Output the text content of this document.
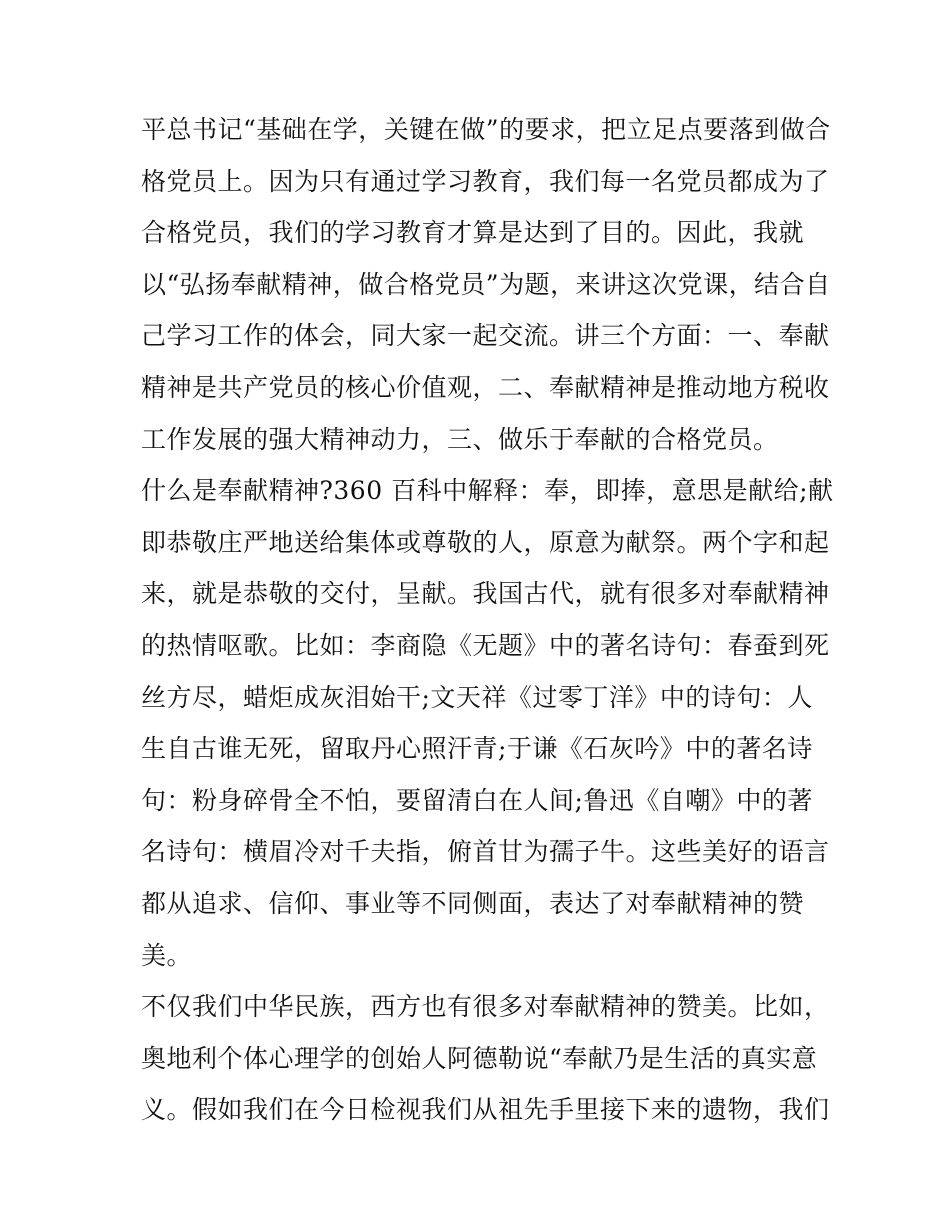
平总书记“基础在学，关键在做”的要求，把立足点要落到做合
格党员上。因为只有通过学习教育，我们每一名党员都成为了
合格党员，我们的学习教育才算是达到了目的。因此，我就
以“弘扬奉献精神，做合格党员”为题，来讲这次党课，结合自
己学习工作的体会，同大家一起交流。讲三个方面：一、奉献
精神是共产党员的核心价值观，二、奉献精神是推动地方税收
工作发展的强大精神动力，三、做乐于奉献的合格党员。
什么是奉献精神?360 百科中解释：奉，即捧，意思是献给;献
即恭敬庄严地送给集体或尊敬的人，原意为献祭。两个字和起
来，就是恭敬的交付，呈献。我国古代，就有很多对奉献精神
的热情呕歌。比如：李商隐《无题》中的著名诗句：春蚕到死
丝方尽，蜡炬成灰泪始干;文天祥《过零丁洋》中的诗句：人
生自古谁无死，留取丹心照汗青;于谦《石灰吟》中的著名诗
句：粉身碎骨全不怕，要留清白在人间;鲁迅《自嘲》中的著
名诗句：横眉冷对千夫指，俯首甘为孺子牛。这些美好的语言
都从追求、信仰、事业等不同侧面，表达了对奉献精神的赞
美。
不仅我们中华民族，西方也有很多对奉献精神的赞美。比如，
奥地利个体心理学的创始人阿德勒说“奉献乃是生活的真实意
义。假如我们在今日检视我们从祖先手里接下来的遗物，我们
